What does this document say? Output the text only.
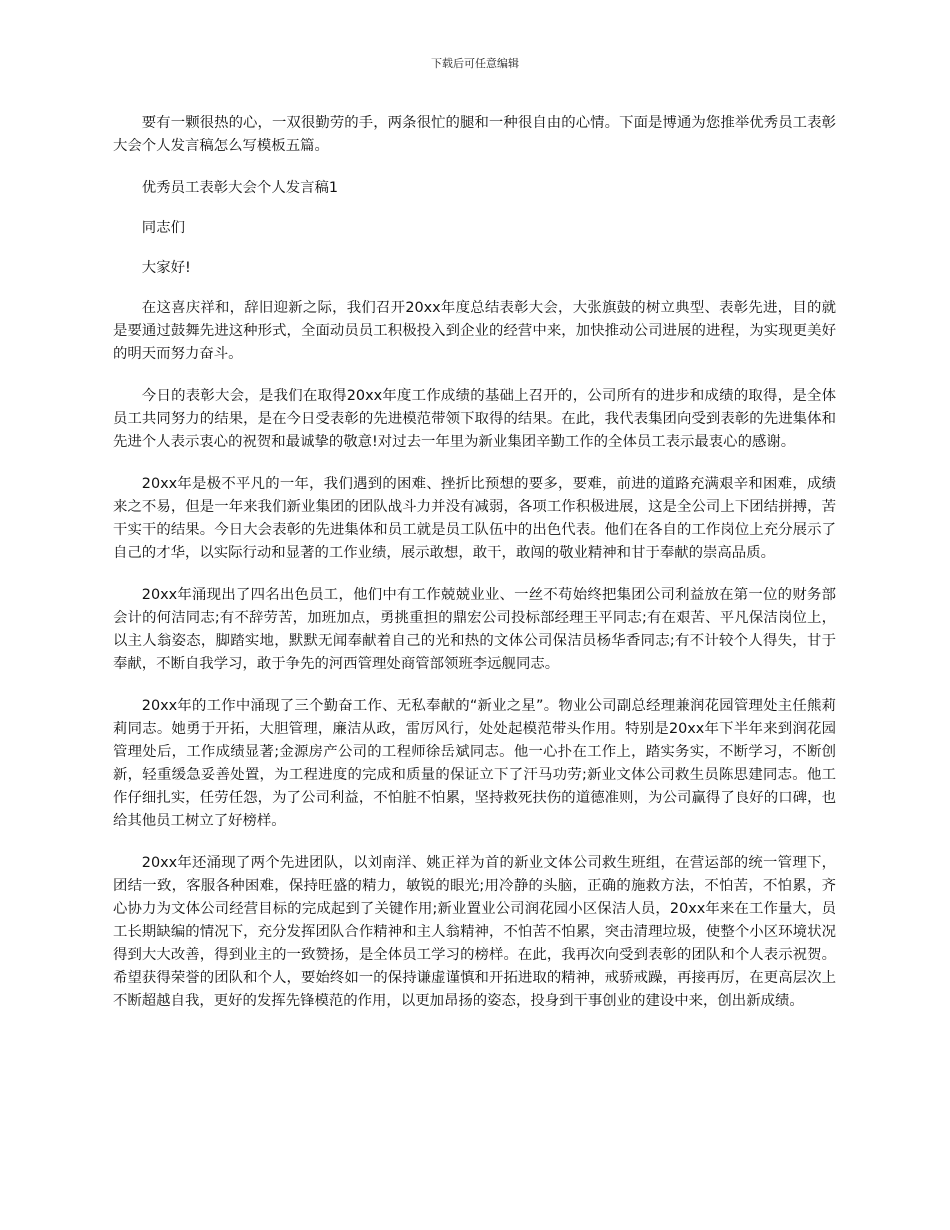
下载后可任意编辑

要有一颗很热的心，一双很勤劳的手，两条很忙的腿和一种很自由的心情。下面是博通为您推举优秀员工表彰大会个人发言稿怎么写模板五篇。

优秀员工表彰大会个人发言稿1

同志们

大家好!

在这喜庆祥和，辞旧迎新之际，我们召开20xx年度总结表彰大会，大张旗鼓的树立典型、表彰先进，目的就是要通过鼓舞先进这种形式，全面动员员工积极投入到企业的经营中来，加快推动公司进展的进程，为实现更美好的明天而努力奋斗。

今日的表彰大会，是我们在取得20xx年度工作成绩的基础上召开的，公司所有的进步和成绩的取得，是全体员工共同努力的结果，是在今日受表彰的先进模范带领下取得的结果。在此，我代表集团向受到表彰的先进集体和先进个人表示衷心的祝贺和最诚挚的敬意!对过去一年里为新业集团辛勤工作的全体员工表示最衷心的感谢。

20xx年是极不平凡的一年，我们遇到的困难、挫折比预想的要多，要难，前进的道路充满艰辛和困难，成绩来之不易，但是一年来我们新业集团的团队战斗力并没有减弱，各项工作积极进展，这是全公司上下团结拼搏，苦干实干的结果。今日大会表彰的先进集体和员工就是员工队伍中的出色代表。他们在各自的工作岗位上充分展示了自己的才华，以实际行动和显著的工作业绩，展示敢想，敢干，敢闯的敬业精神和甘于奉献的崇高品质。

20xx年涌现出了四名出色员工，他们中有工作兢兢业业、一丝不苟始终把集团公司利益放在第一位的财务部会计的何洁同志;有不辞劳苦，加班加点，勇挑重担的鼎宏公司投标部经理王平同志;有在艰苦、平凡保洁岗位上，以主人翁姿态，脚踏实地，默默无闻奉献着自己的光和热的文体公司保洁员杨华香同志;有不计较个人得失，甘于奉献，不断自我学习，敢于争先的河西管理处商管部领班李远舰同志。

20xx年的工作中涌现了三个勤奋工作、无私奉献的“新业之星”。物业公司副总经理兼润花园管理处主任熊莉莉同志。她勇于开拓，大胆管理，廉洁从政，雷厉风行，处处起模范带头作用。特别是20xx年下半年来到润花园管理处后，工作成绩显著;金源房产公司的工程师徐岳斌同志。他一心扑在工作上，踏实务实，不断学习，不断创新，轻重缓急妥善处置，为工程进度的完成和质量的保证立下了汗马功劳;新业文体公司救生员陈思建同志。他工作仔细扎实，任劳任怨，为了公司利益，不怕脏不怕累，坚持救死扶伤的道德准则，为公司赢得了良好的口碑，也给其他员工树立了好榜样。

20xx年还涌现了两个先进团队，以刘南洋、姚正祥为首的新业文体公司救生班组，在营运部的统一管理下，团结一致，客服各种困难，保持旺盛的精力，敏锐的眼光;用冷静的头脑，正确的施救方法，不怕苦，不怕累，齐心协力为文体公司经营目标的完成起到了关键作用;新业置业公司润花园小区保洁人员，20xx年来在工作量大，员工长期缺编的情况下，充分发挥团队合作精神和主人翁精神，不怕苦不怕累，突击清理垃圾，使整个小区环境状况得到大大改善，得到业主的一致赞扬，是全体员工学习的榜样。在此，我再次向受到表彰的团队和个人表示祝贺。希望获得荣誉的团队和个人，要始终如一的保持谦虚谨慎和开拓进取的精神，戒骄戒躁，再接再厉，在更高层次上不断超越自我，更好的发挥先锋模范的作用，以更加昂扬的姿态，投身到干事创业的建设中来，创出新成绩。
